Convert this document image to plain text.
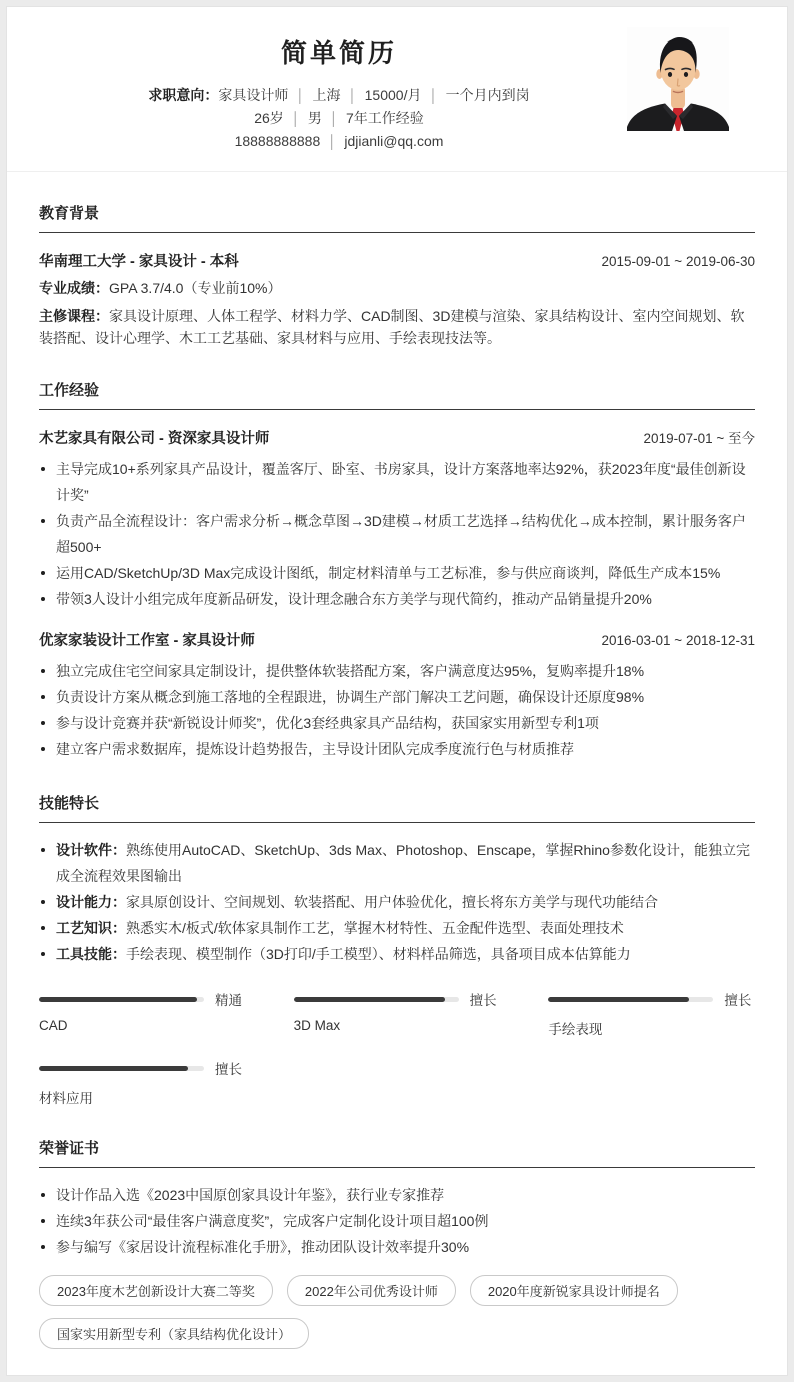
简单简历
求职意向：家具设计师 │ 上海 │ 15000/月 │ 一个月内到岗
26岁 │ 男 │ 7年工作经验
18888888888 │ jdjianli@qq.com
教育背景
华南理工大学 - 家具设计 - 本科	2015-09-01 ~ 2019-06-30
专业成绩：GPA 3.7/4.0（专业前10%）
主修课程：家具设计原理、人体工程学、材料力学、CAD制图、3D建模与渲染、家具结构设计、室内空间规划、软装搭配、设计心理学、木工工艺基础、家具材料与应用、手绘表现技法等。
工作经验
木艺家具有限公司 - 资深家具设计师	2019-07-01 ~ 至今
主导完成10+系列家具产品设计，覆盖客厅、卧室、书房家具，设计方案落地率达92%，获2023年度“最佳创新设计奖”
负责产品全流程设计：客户需求分析→概念草图→3D建模→材质工艺选择→结构优化→成本控制，累计服务客户超500+
运用CAD/SketchUp/3D Max完成设计图纸，制定材料清单与工艺标准，参与供应商谈判，降低生产成本15%
带领3人设计小组完成年度新品研发，设计理念融合东方美学与现代简约，推动产品销量提升20%
优家家装设计工作室 - 家具设计师	2016-03-01 ~ 2018-12-31
独立完成住宅空间家具定制设计，提供整体软装搭配方案，客户满意度达95%，复购率提升18%
负责设计方案从概念到施工落地的全程跟进，协调生产部门解决工艺问题，确保设计还原度98%
参与设计竞赛并获“新锐设计师奖”，优化3套经典家具产品结构，获国家实用新型专利1项
建立客户需求数据库，提炼设计趋势报告，主导设计团队完成季度流行色与材质推荐
技能特长
设计软件：熟练使用AutoCAD、SketchUp、3ds Max、Photoshop、Enscape，掌握Rhino参数化设计，能独立完成全流程效果图输出
设计能力：家具原创设计、空间规划、软装搭配、用户体验优化，擅长将东方美学与现代功能结合
工艺知识：熟悉实木/板式/软体家具制作工艺，掌握木材特性、五金配件选型、表面处理技术
工具技能：手绘表现、模型制作（3D打印/手工模型）、材料样品筛选，具备项目成本估算能力
精通
CAD
擅长
3D Max
擅长
手绘表现
擅长
材料应用
荣誉证书
设计作品入选《2023中国原创家具设计年鉴》，获行业专家推荐
连续3年获公司“最佳客户满意度奖”，完成客户定制化设计项目超100例
参与编写《家居设计流程标准化手册》，推动团队设计效率提升30%
2023年度木艺创新设计大赛二等奖	2022年公司优秀设计师	2020年度新锐家具设计师提名
国家实用新型专利（家具结构优化设计）
